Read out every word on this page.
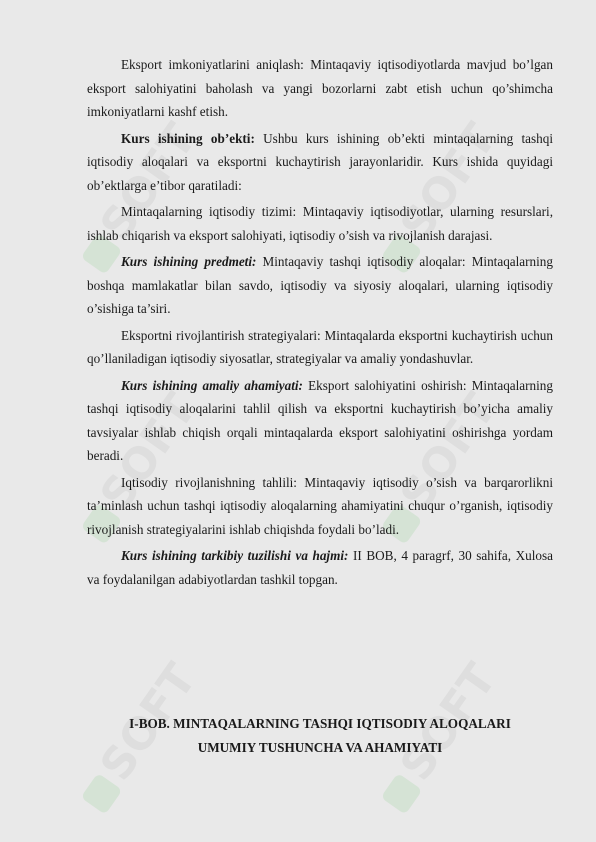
Eksport imkoniyatlarini aniqlash: Mintaqaviy iqtisodiyotlarda mavjud bo’lgan eksport salohiyatini baholash va yangi bozorlarni zabt etish uchun qo’shimcha imkoniyatlarni kashf etish.

Kurs ishining ob’ekti: Ushbu kurs ishining ob’ekti mintaqalarning tashqi iqtisodiy aloqalari va eksportni kuchaytirish jarayonlaridir. Kurs ishida quyidagi ob’ektlarga e’tibor qaratiladi:

Mintaqalarning iqtisodiy tizimi: Mintaqaviy iqtisodiyotlar, ularning resurslari, ishlab chiqarish va eksport salohiyati, iqtisodiy o’sish va rivojlanish darajasi.

Kurs ishining predmeti: Mintaqaviy tashqi iqtisodiy aloqalar: Mintaqalarning boshqa mamlakatlar bilan savdo, iqtisodiy va siyosiy aloqalari, ularning iqtisodiy o’sishiga ta’siri.

Eksportni rivojlantirish strategiyalari: Mintaqalarda eksportni kuchaytirish uchun qo’llaniladigan iqtisodiy siyosatlar, strategiyalar va amaliy yondashuvlar.

Kurs ishining amaliy ahamiyati: Eksport salohiyatini oshirish: Mintaqalarning tashqi iqtisodiy aloqalarini tahlil qilish va eksportni kuchaytirish bo’yicha amaliy tavsiyalar ishlab chiqish orqali mintaqalarda eksport salohiyatini oshirishga yordam beradi.

Iqtisodiy rivojlanishning tahlili: Mintaqaviy iqtisodiy o’sish va barqarorlikni ta’minlash uchun tashqi iqtisodiy aloqalarning ahamiyatini chuqur o’rganish, iqtisodiy rivojlanish strategiyalarini ishlab chiqishda foydali bo’ladi.

Kurs ishining tarkibiy tuzilishi va hajmi: II BOB, 4 paragrf, 30 sahifa, Xulosa va foydalanilgan adabiyotlardan tashkil topgan.

I-BOB. MINTAQALARNING TASHQI IQTISODIY ALOQALARI
UMUMIY TUSHUNCHA VA AHAMIYATI
